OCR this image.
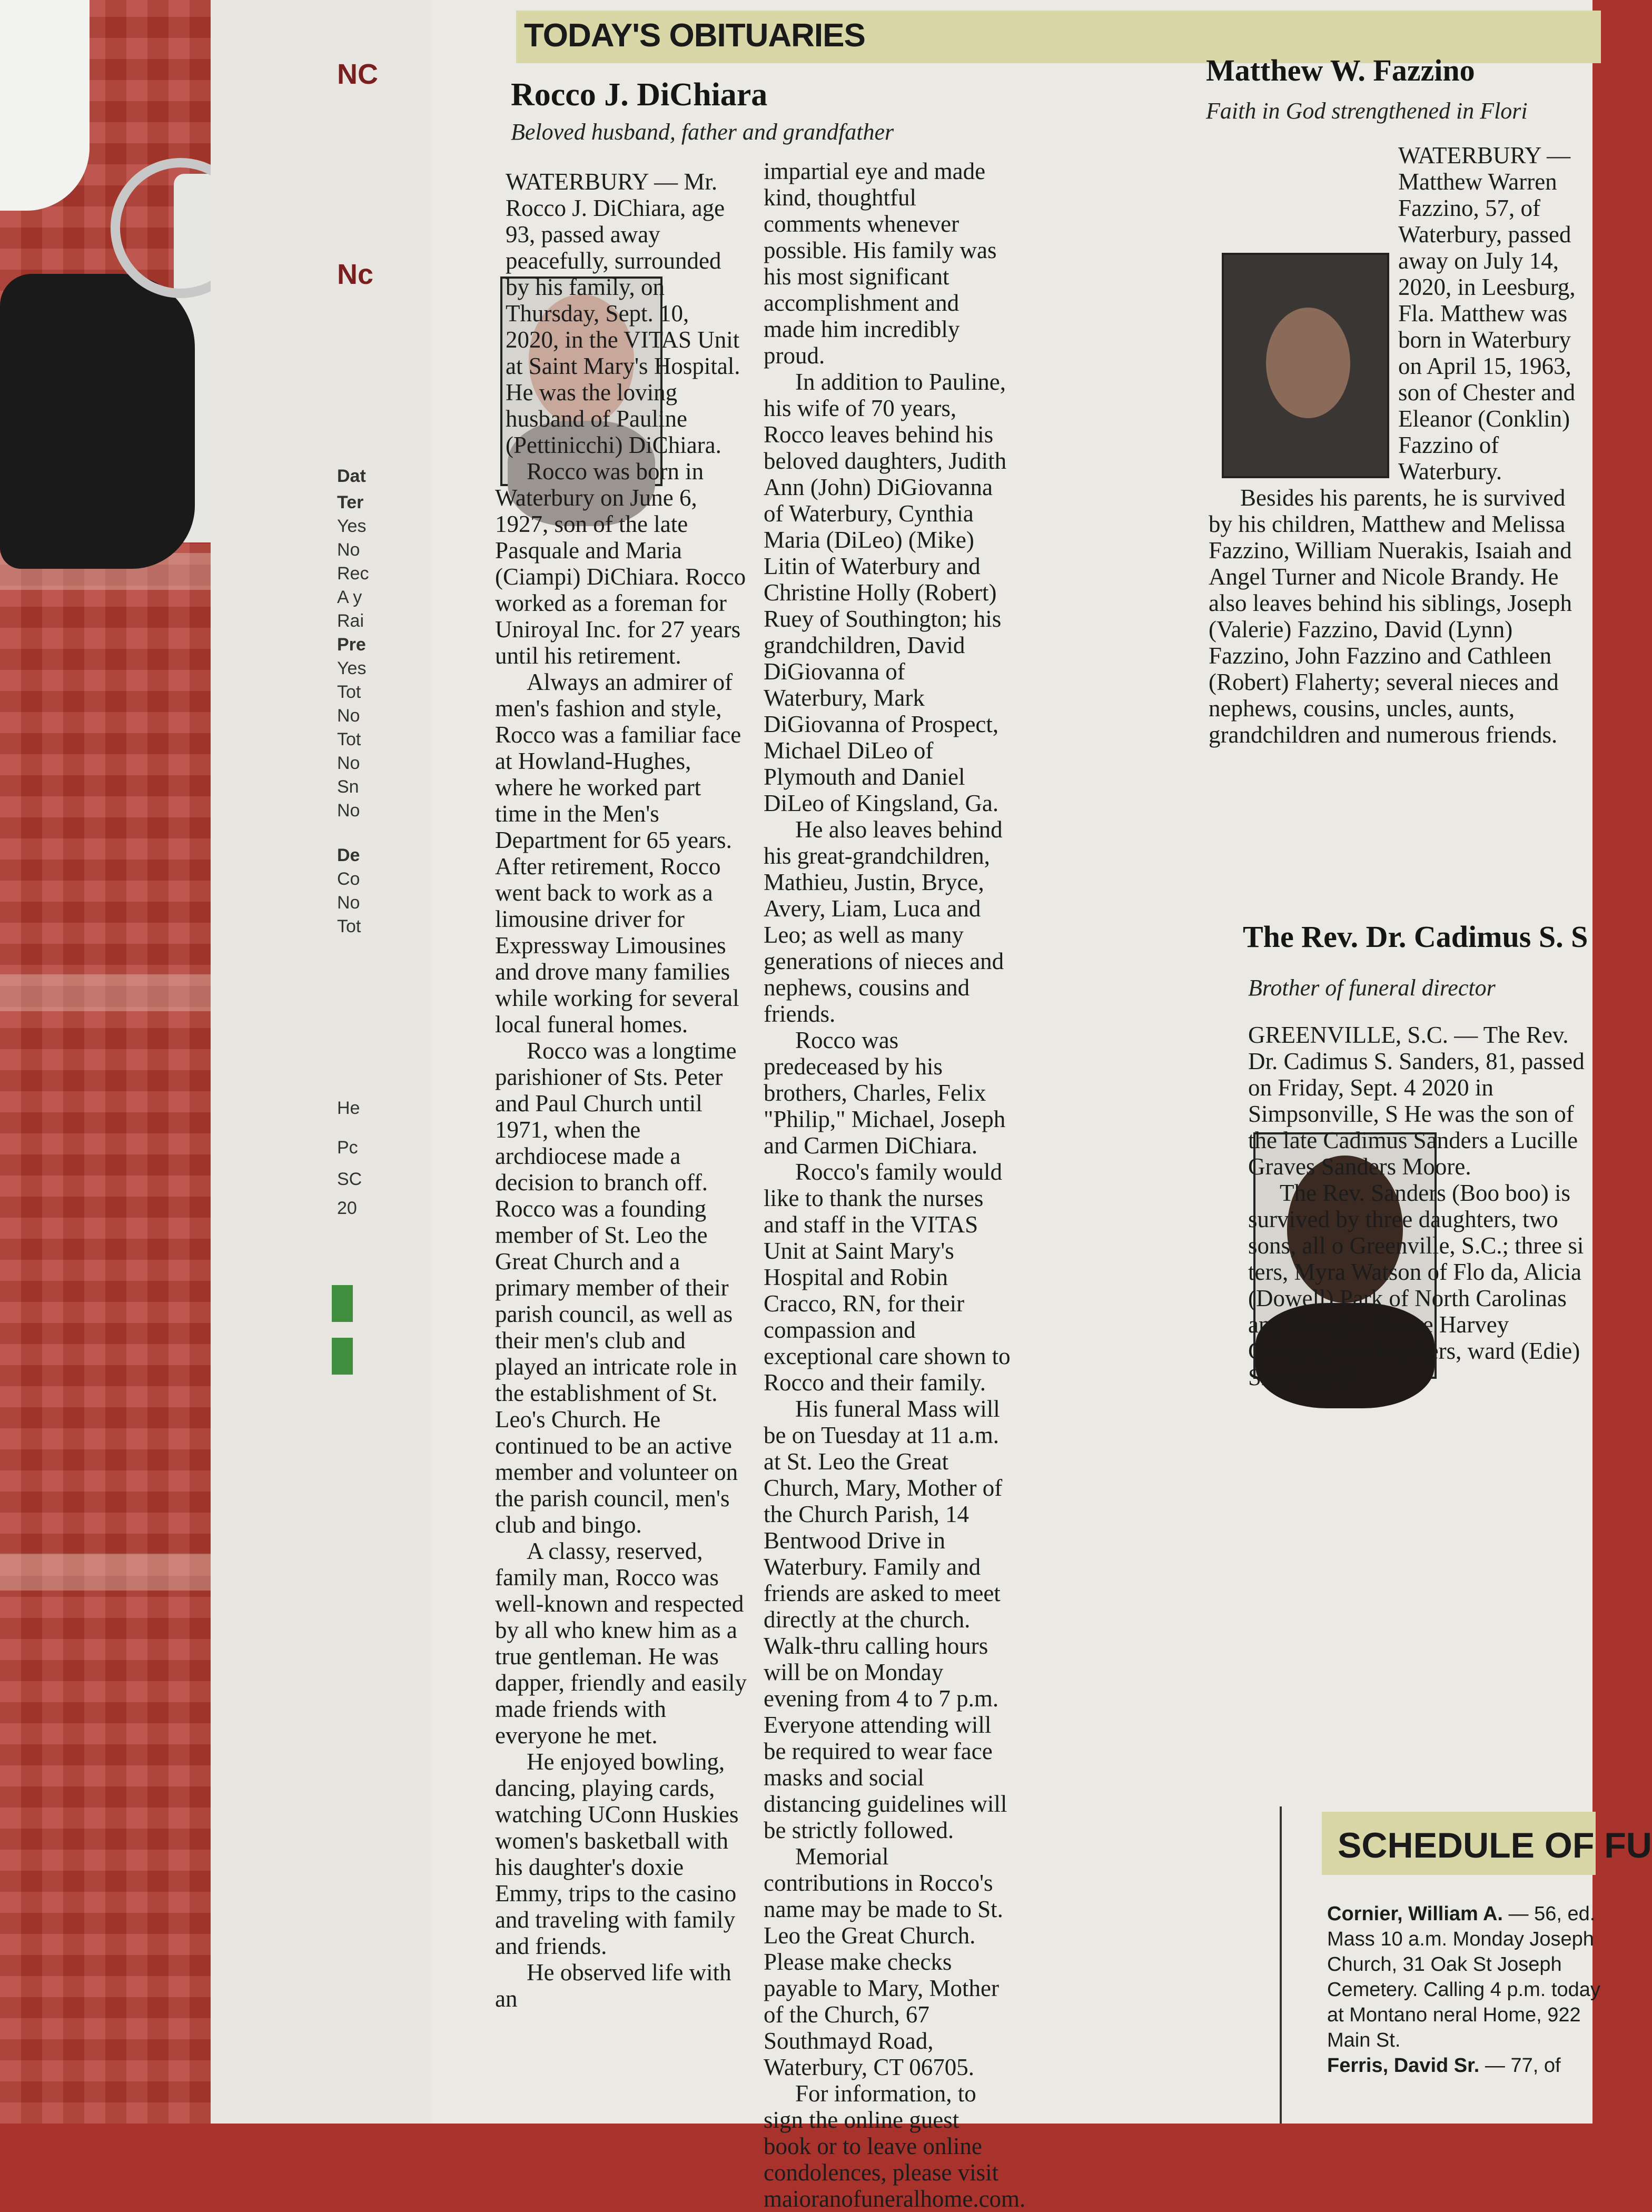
NC
Nc
Dat
Ter
Yes
No
Rec
A y
Rai
Pre
Yes
Tot
No
Tot
No
Sn
No
De
Co
No
Tot
He
Pc
SC
20
TODAY'S OBITUARIES
Rocco J. DiChiara
Beloved husband, father and grandfather

WATERBURY — Mr. Rocco J. DiChiara, age 93, passed away peacefully, surrounded by his family, on Thursday, Sept. 10, 2020, in the VITAS Unit at Saint Mary's Hospital. He was the loving husband of Pauline (Pettinicchi) DiChiara.

Rocco was born in Waterbury on June 6, 1927, son of the late Pasquale and Maria (Ciampi) DiChiara. Rocco worked as a foreman for Uniroyal Inc. for 27 years until his retirement.

Always an admirer of men's fashion and style, Rocco was a familiar face at Howland-Hughes, where he worked part time in the Men's Department for 65 years. After retirement, Rocco went back to work as a limousine driver for Expressway Limousines and drove many families while working for several local funeral homes.

Rocco was a longtime parishioner of Sts. Peter and Paul Church until 1971, when the archdiocese made a decision to branch off. Rocco was a founding member of St. Leo the Great Church and a primary member of their parish council, as well as their men's club and played an intricate role in the establishment of St. Leo's Church. He continued to be an active member and volunteer on the parish council, men's club and bingo.

A classy, reserved, family man, Rocco was well-known and respected by all who knew him as a true gentleman. He was dapper, friendly and easily made friends with everyone he met.

He enjoyed bowling, dancing, playing cards, watching UConn Huskies women's basketball with his daughter's doxie Emmy, trips to the casino and traveling with family and friends.

He observed life with an

impartial eye and made kind, thoughtful comments whenever possible. His family was his most significant accomplishment and made him incredibly proud.

In addition to Pauline, his wife of 70 years, Rocco leaves behind his beloved daughters, Judith Ann (John) DiGiovanna of Waterbury, Cynthia Maria (DiLeo) (Mike) Litin of Waterbury and Christine Holly (Robert) Ruey of Southington; his grandchildren, David DiGiovanna of Waterbury, Mark DiGiovanna of Prospect, Michael DiLeo of Plymouth and Daniel DiLeo of Kingsland, Ga.

He also leaves behind his great-grandchildren, Mathieu, Justin, Bryce, Avery, Liam, Luca and Leo; as well as many generations of nieces and nephews, cousins and friends.

Rocco was predeceased by his brothers, Charles, Felix "Philip," Michael, Joseph and Carmen DiChiara.

Rocco's family would like to thank the nurses and staff in the VITAS Unit at Saint Mary's Hospital and Robin Cracco, RN, for their compassion and exceptional care shown to Rocco and their family.

His funeral Mass will be on Tuesday at 11 a.m. at St. Leo the Great Church, Mary, Mother of the Church Parish, 14 Bentwood Drive in Waterbury. Family and friends are asked to meet directly at the church. Walk-thru calling hours will be on Monday evening from 4 to 7 p.m. Everyone attending will be required to wear face masks and social distancing guidelines will be strictly followed.

Memorial contributions in Rocco's name may be made to St. Leo the Great Church. Please make checks payable to Mary, Mother of the Church, 67 Southmayd Road, Waterbury, CT 06705.

For information, to sign the online guest book or to leave online condolences, please visit maioranofuneralhome.com.

Matthew W. Fazzino
Faith in God strengthened in Flori

WATERBURY — Matthew Warren Fazzino, 57, of Waterbury, passed away on July 14, 2020, in Leesburg, Fla. Matthew was born in Waterbury on April 15, 1963, son of Chester and Eleanor (Conklin) Fazzino of Waterbury.

Besides his parents, he is survived by his children, Matthew and Melissa Fazzino, William Nuerakis, Isaiah and Angel Turner and Nicole Brandy. He also leaves behind his siblings, Joseph (Valerie) Fazzino, David (Lynn) Fazzino, John Fazzino and Cathleen (Robert) Flaherty; several nieces and nephews, cousins, uncles, aunts, grandchildren and numerous friends.

The Rev. Dr. Cadimus S. S
Brother of funeral director

GREENVILLE, S.C. — The Rev. Dr. Cadimus S. Sanders, 81, passed on Friday, Sept. 4 2020 in Simpsonville, S He was the son of the late Cadimus Sanders a Lucille Graves Sanders Moore.

The Rev. Sanders (Boo boo) is survived by three daughters, two sons, all o Greenville, S.C.; three si ters, Myra Watson of Flo da, Alicia (Dowell) Park of North Carolinas and Georgia Moore Harvey Georgia; two brothers, ward (Edie) Shamsid-D

SCHEDULE OF FU
Cornier, William A. — 56, ed. Mass 10 a.m. Monday Joseph Church, 31 Oak St Joseph Cemetery. Calling 4 p.m. today at Montano neral Home, 922 Main St.
Ferris, David Sr. — 77, of
